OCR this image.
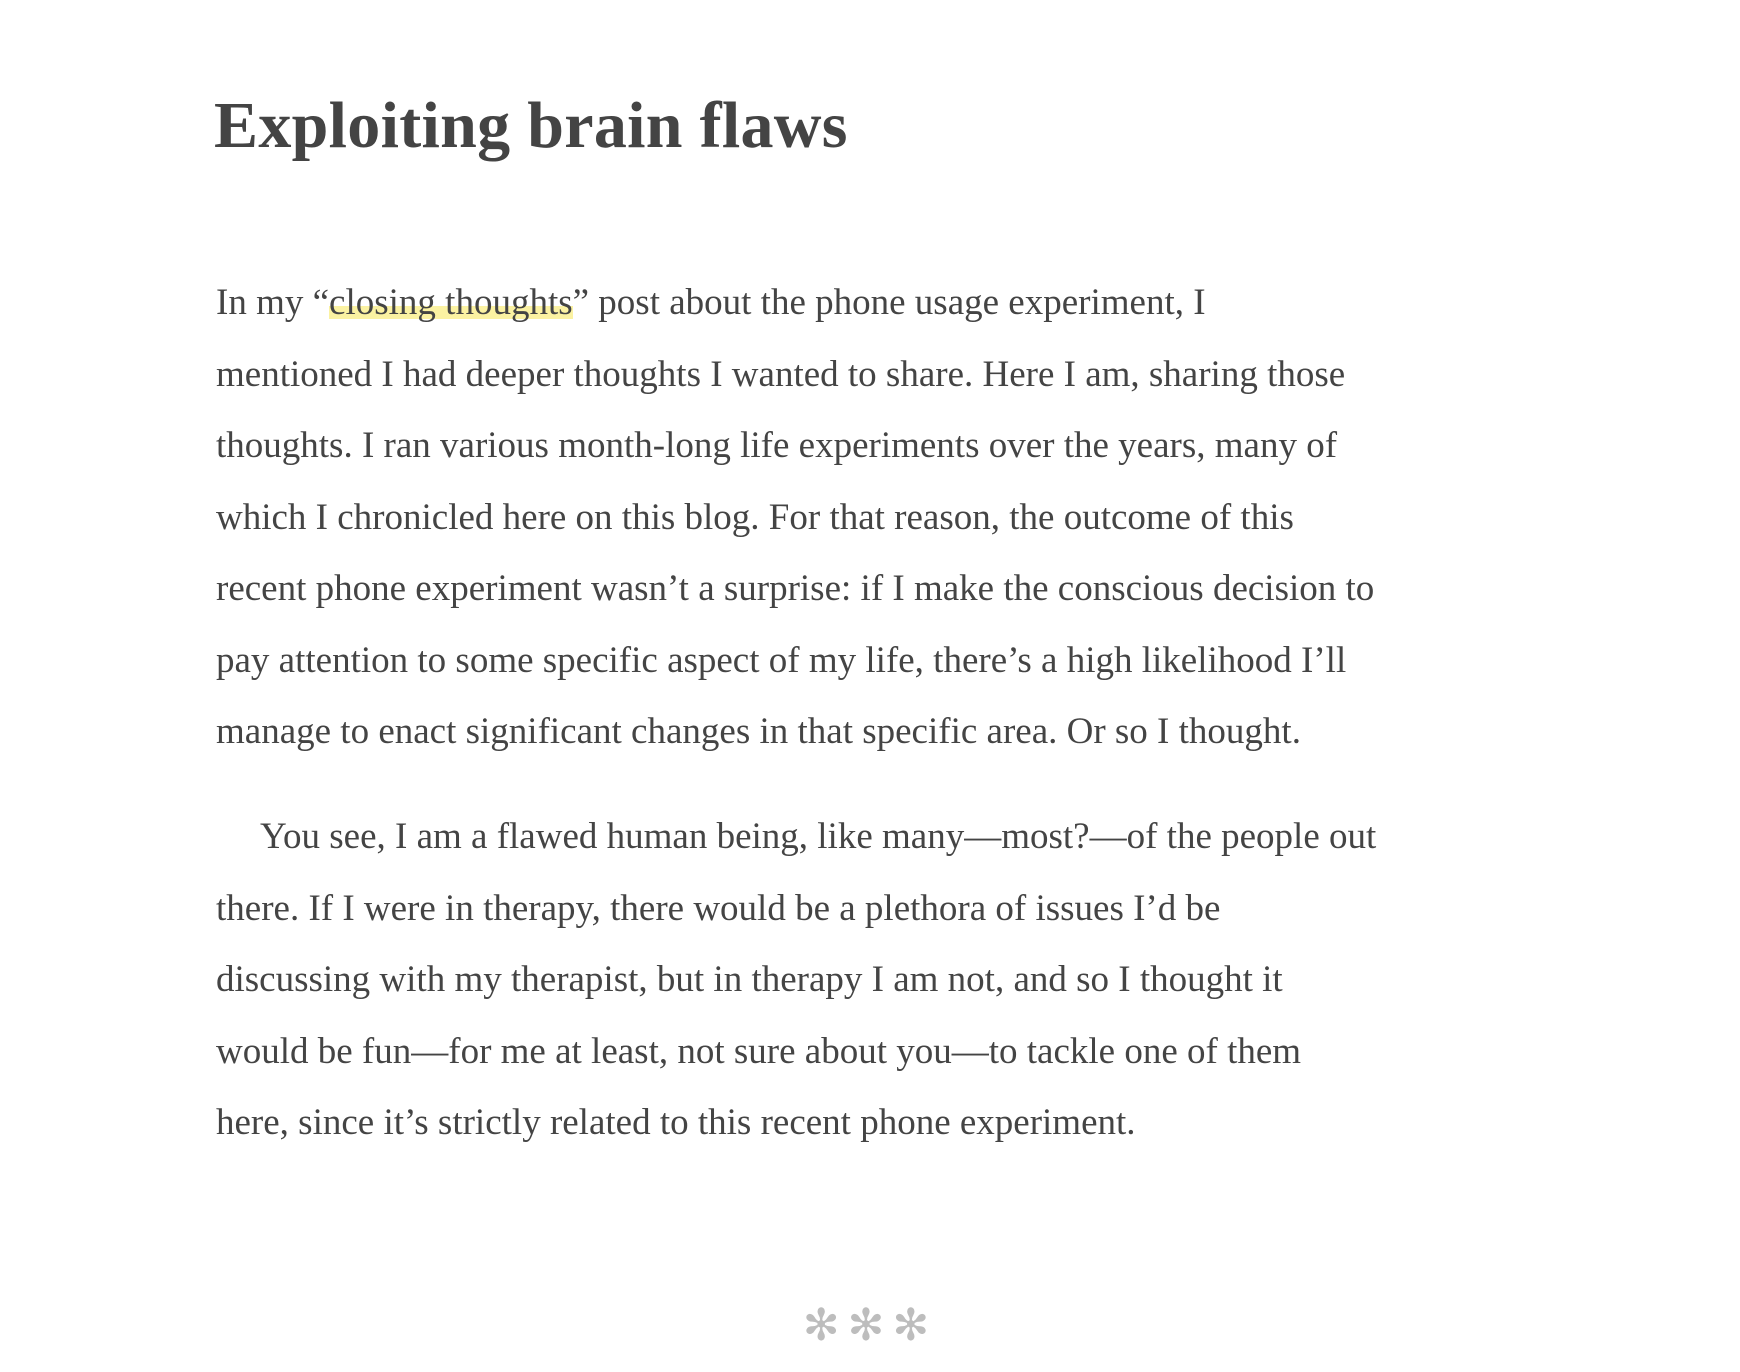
Exploiting brain flaws
In my “closing thoughts” post about the phone usage experiment, I
mentioned I had deeper thoughts I wanted to share. Here I am, sharing those
thoughts. I ran various month-long life experiments over the years, many of
which I chronicled here on this blog. For that reason, the outcome of this
recent phone experiment wasn’t a surprise: if I make the conscious decision to
pay attention to some specific aspect of my life, there’s a high likelihood I’ll
manage to enact significant changes in that specific area. Or so I thought.
You see, I am a flawed human being, like many—most?—of the people out
there. If I were in therapy, there would be a plethora of issues I’d be
discussing with my therapist, but in therapy I am not, and so I thought it
would be fun—for me at least, not sure about you—to tackle one of them
here, since it’s strictly related to this recent phone experiment.
✻✻✻
